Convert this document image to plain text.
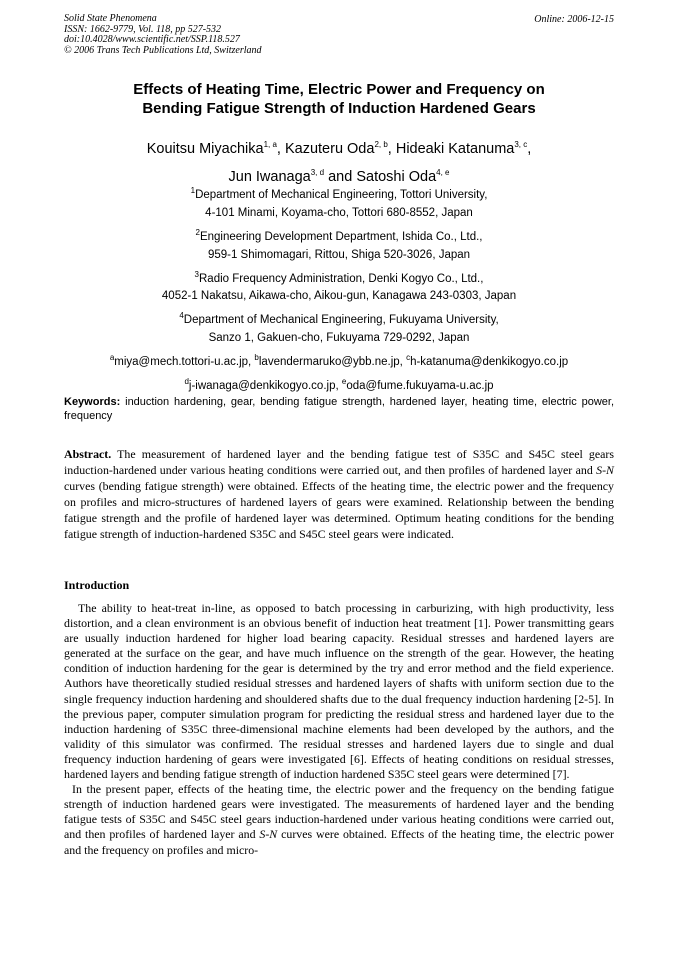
Solid State Phenomena
ISSN: 1662-9779, Vol. 118, pp 527-532
doi:10.4028/www.scientific.net/SSP.118.527
© 2006 Trans Tech Publications Ltd, Switzerland
Online: 2006-12-15
Effects of Heating Time, Electric Power and Frequency on
Bending Fatigue Strength of Induction Hardened Gears
Kouitsu Miyachika$^{1, a}$, Kazuteru Oda$^{2, b}$, Hideaki Katanuma$^{3, c}$,
Jun Iwanaga$^{3, d}$ and Satoshi Oda$^{4, e}$
$^1$Department of Mechanical Engineering, Tottori University,
4-101 Minami, Koyama-cho, Tottori 680-8552, Japan
$^2$Engineering Development Department, Ishida Co., Ltd.,
959-1 Shimomagari, Rittou, Shiga 520-3026, Japan
$^3$Radio Frequency Administration, Denki Kogyo Co., Ltd.,
4052-1 Nakatsu, Aikawa-cho, Aikou-gun, Kanagawa 243-0303, Japan
$^4$Department of Mechanical Engineering, Fukuyama University,
Sanzo 1, Gakuen-cho, Fukuyama 729-0292, Japan
$^a$miya@mech.tottori-u.ac.jp, $^b$lavendermaruko@ybb.ne.jp, $^c$h-katanuma@denkikogyo.co.jp
$^d$j-iwanaga@denkikogyo.co.jp, $^e$oda@fume.fukuyama-u.ac.jp
Keywords: induction hardening, gear, bending fatigue strength, hardened layer, heating time, electric power, frequency
Abstract. The measurement of hardened layer and the bending fatigue test of S35C and S45C steel gears induction-hardened under various heating conditions were carried out, and then profiles of hardened layer and S-N curves (bending fatigue strength) were obtained. Effects of the heating time, the electric power and the frequency on profiles and micro-structures of hardened layers of gears were examined. Relationship between the bending fatigue strength and the profile of hardened layer was determined. Optimum heating conditions for the bending fatigue strength of induction-hardened S35C and S45C steel gears were indicated.
Introduction

The ability to heat-treat in-line, as opposed to batch processing in carburizing, with high productivity, less distortion, and a clean environment is an obvious benefit of induction heat treatment [1]. Power transmitting gears are usually induction hardened for higher load bearing capacity. Residual stresses and hardened layers are generated at the surface on the gear, and have much influence on the strength of the gear. However, the heating condition of induction hardening for the gear is determined by the try and error method and the field experience. Authors have theoretically studied residual stresses and hardened layers of shafts with uniform section due to the single frequency induction hardening and shouldered shafts due to the dual frequency induction hardening [2-5]. In the previous paper, computer simulation program for predicting the residual stress and hardened layer due to the induction hardening of S35C three-dimensional machine elements had been developed by the authors, and the validity of this simulator was confirmed. The residual stresses and hardened layers due to single and dual frequency induction hardening of gears were investigated [6]. Effects of heating conditions on residual stresses, hardened layers and bending fatigue strength of induction hardened S35C steel gears were determined [7].

In the present paper, effects of the heating time, the electric power and the frequency on the bending fatigue strength of induction hardened gears were investigated. The measurements of hardened layer and the bending fatigue tests of S35C and S45C steel gears induction-hardened under various heating conditions were carried out, and then profiles of hardened layer and S-N curves were obtained. Effects of the heating time, the electric power and the frequency on profiles and micro-
